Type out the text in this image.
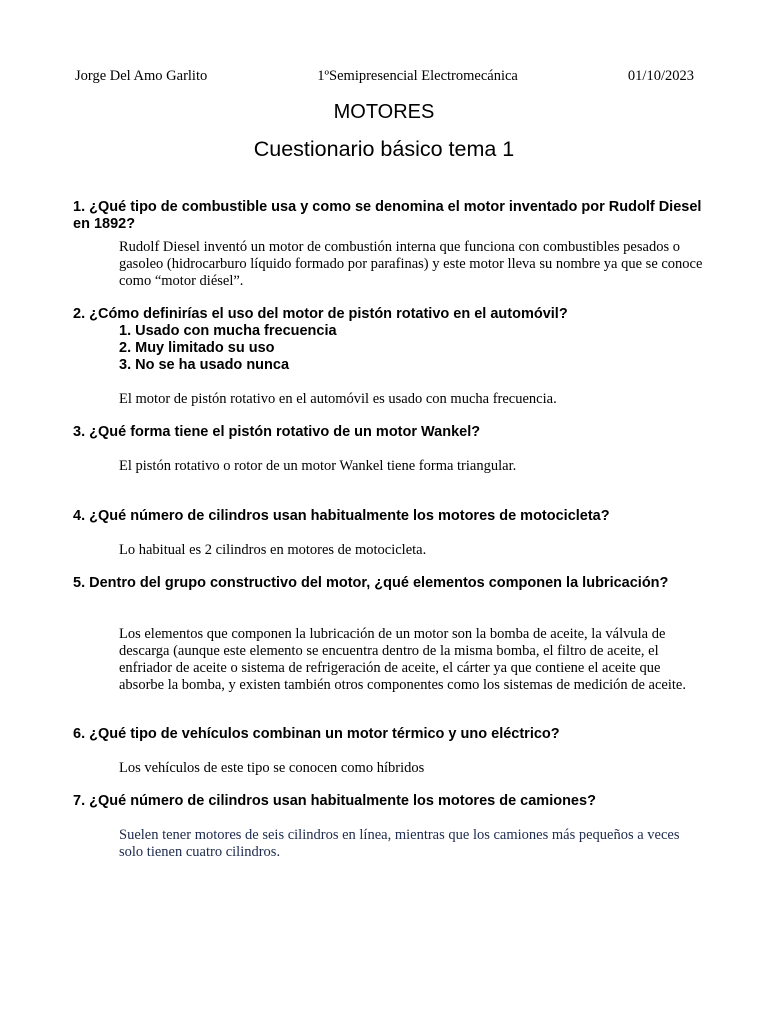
Jorge Del Amo Garlito	1ºSemipresencial Electromecánica	01/10/2023
MOTORES
Cuestionario básico tema 1

1. ¿Qué tipo de combustible usa y como se denomina el motor inventado por Rudolf Diesel en 1892?

Rudolf Diesel inventó un motor de combustión interna que funciona con combustibles pesados o gasoleo (hidrocarburo líquido formado por parafinas) y este motor lleva su nombre ya que se conoce como “motor diésel”.

2. ¿Cómo definirías el uso del motor de pistón rotativo en el automóvil?

1. Usado con mucha frecuencia

2. Muy limitado su uso

3. No se ha usado nunca

El motor de pistón rotativo en el automóvil es usado con mucha frecuencia.

3. ¿Qué forma tiene el pistón rotativo de un motor Wankel?

El pistón rotativo o rotor de un motor Wankel tiene forma triangular.

4. ¿Qué número de cilindros usan habitualmente los motores de motocicleta?

Lo habitual es 2 cilindros en motores de motocicleta.

5. Dentro del grupo constructivo del motor, ¿qué elementos componen la lubricación?

Los elementos que componen la lubricación de un motor son la bomba de aceite, la válvula de descarga (aunque este elemento se encuentra dentro de la misma bomba, el filtro de aceite, el enfriador de aceite o sistema de refrigeración de aceite, el cárter ya que contiene el aceite que absorbe la bomba, y existen también otros componentes como los sistemas de medición de aceite.

6. ¿Qué tipo de vehículos combinan un motor térmico y uno eléctrico?

Los vehículos de este tipo se conocen como híbridos

7. ¿Qué número de cilindros usan habitualmente los motores de camiones?

Suelen tener motores de seis cilindros en línea, mientras que los camiones más pequeños a veces solo tienen cuatro cilindros.
